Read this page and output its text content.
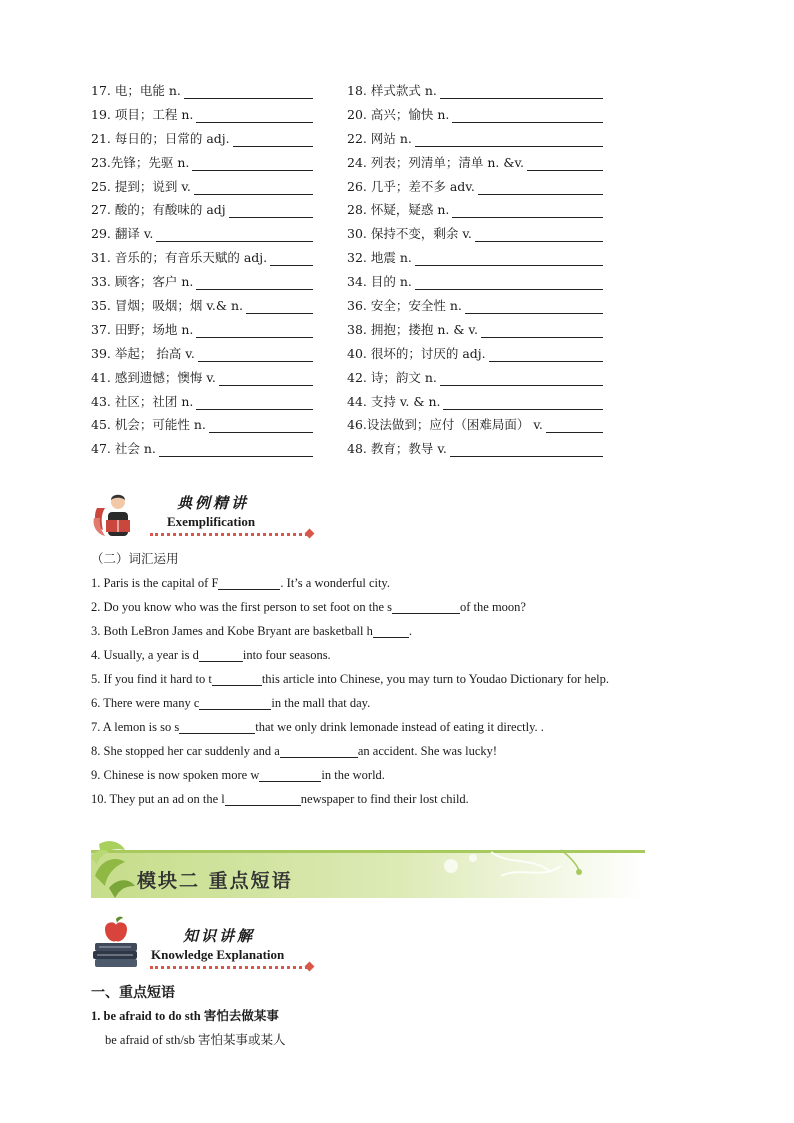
17. 电；电能 n.	18. 样式款式 n.
19. 项目；工程 n.	20. 高兴；愉快 n.
21. 每日的；日常的 adj.	22. 网站 n.
23.先锋；先驱 n.	24. 列表；列清单；清单 n. &v.
25. 提到；说到 v.	26. 几乎；差不多 adv.
27. 酸的；有酸味的 adj	28. 怀疑，疑惑 n.
29. 翻译 v.	30. 保持不变，剩余 v.
31. 音乐的；有音乐天赋的 adj.	32. 地震 n.
33. 顾客；客户 n.	34. 目的 n.
35. 冒烟；吸烟；烟 v.& n.	36. 安全；安全性 n.
37. 田野；场地 n.	38. 拥抱；搂抱 n. & v.
39. 举起； 抬高 v.	40. 很坏的；讨厌的 adj.
41. 感到遗憾；懊悔 v.	42. 诗；韵文 n.
43. 社区；社团 n.	44. 支持 v. & n.
45. 机会；可能性 n.	46.设法做到；应付（困难局面） v.
47. 社会 n.	48. 教育；教导 v.
典例精讲
Exemplification
（二）词汇运用
1. Paris is the capital of F	. It’s a wonderful city.
2. Do you know who was the first person to set foot on the s	of the moon?
3. Both LeBron James and Kobe Bryant are basketball h	.
4. Usually, a year is d	into four seasons.
5. If you find it hard to t	this article into Chinese, you may turn to Youdao Dictionary for help.
6. There were many c	in the mall that day.
7. A lemon is so s	that we only drink lemonade instead of eating it directly. .
8. She stopped her car suddenly and a	an accident. She was lucky!
9. Chinese is now spoken more w	in the world.
10. They put an ad on the l	newspaper to find their lost child.
模块二 重点短语
知识讲解
Knowledge Explanation
一、重点短语
1. be afraid to do sth 害怕去做某事
be afraid of sth/sb 害怕某事或某人
